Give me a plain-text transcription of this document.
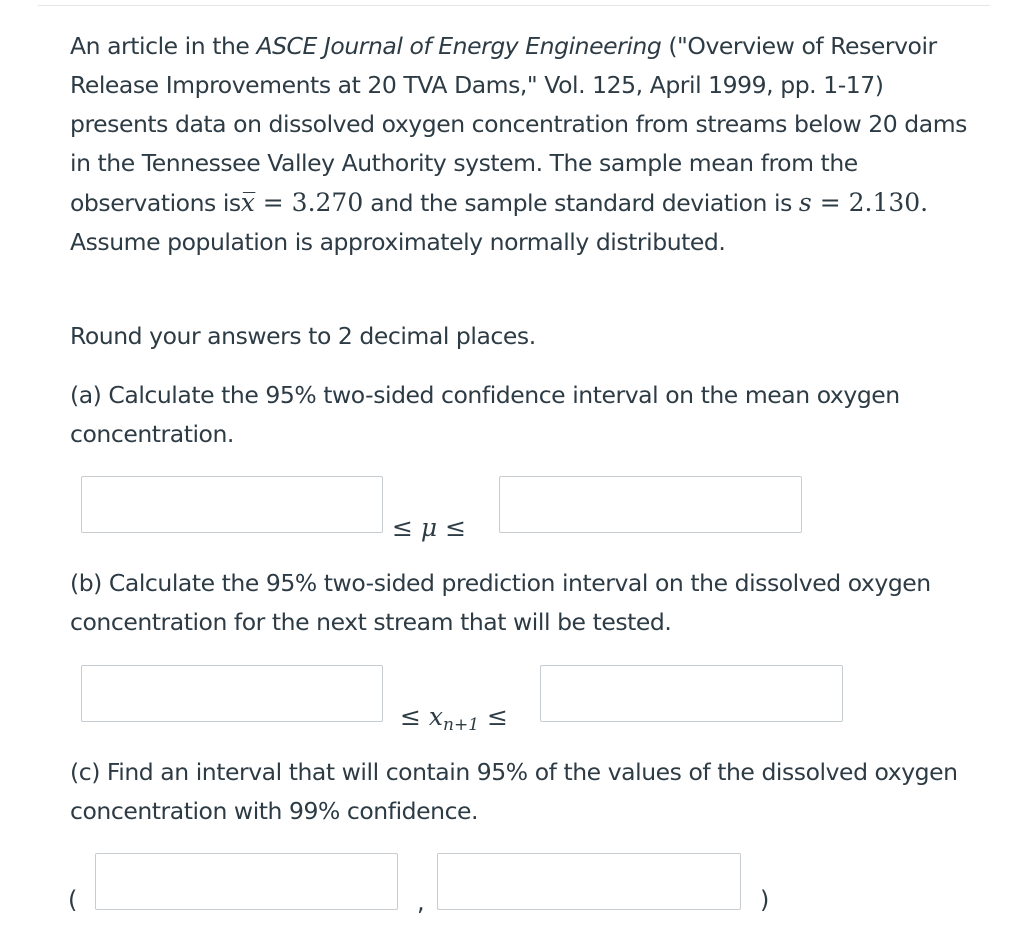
An article in the ASCE Journal of Energy Engineering ("Overview of Reservoir Release Improvements at 20 TVA Dams," Vol. 125, April 1999, pp. 1-17) presents data on dissolved oxygen concentration from streams below 20 dams in the Tennessee Valley Authority system. The sample mean from the observations isx̅ = 3.270 and the sample standard deviation is s = 2.130. Assume population is approximately normally distributed.

Round your answers to 2 decimal places.

(a) Calculate the 95% two-sided confidence interval on the mean oxygen concentration.

(b) Calculate the 95% two-sided prediction interval on the dissolved oxygen concentration for the next stream that will be tested.

(c) Find an interval that will contain 95% of the values of the dissolved oxygen concentration with 99% confidence.

≤ μ ≤
≤ $x_{n+1}$ ≤
(	,	)
